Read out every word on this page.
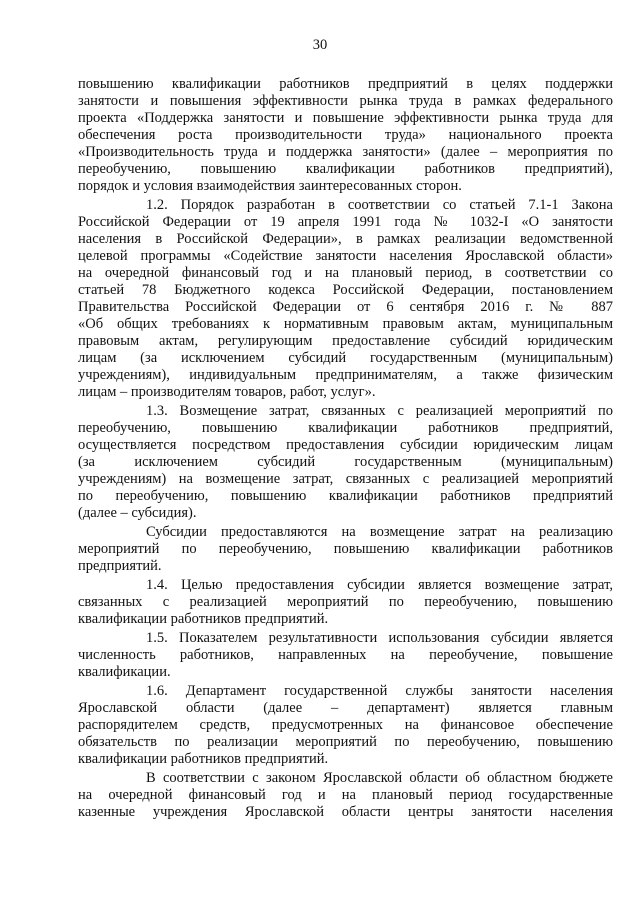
30
повышению квалификации работников предприятий в целях поддержки
занятости и повышения эффективности рынка труда в рамках федерального
проекта «Поддержка занятости и повышение эффективности рынка труда для
обеспечения роста производительности труда» национального проекта
«Производительность труда и поддержка занятости» (далее – мероприятия по
переобучению, повышению квалификации работников предприятий),
порядок и условия взаимодействия заинтересованных сторон.
1.2. Порядок разработан в соответствии со статьей 7.1-1 Закона
Российской Федерации от 19 апреля 1991 года № 1032-I «О занятости
населения в Российской Федерации», в рамках реализации ведомственной
целевой программы «Содействие занятости населения Ярославской области»
на очередной финансовый год и на плановый период, в соответствии со
статьей 78 Бюджетного кодекса Российской Федерации, постановлением
Правительства Российской Федерации от 6 сентября 2016 г. № 887
«Об общих требованиях к нормативным правовым актам, муниципальным
правовым актам, регулирующим предоставление субсидий юридическим
лицам (за исключением субсидий государственным (муниципальным)
учреждениям), индивидуальным предпринимателям, а также физическим
лицам – производителям товаров, работ, услуг».
1.3. Возмещение затрат, связанных с реализацией мероприятий по
переобучению, повышению квалификации работников предприятий,
осуществляется посредством предоставления субсидии юридическим лицам
(за исключением субсидий государственным (муниципальным)
учреждениям) на возмещение затрат, связанных с реализацией мероприятий
по переобучению, повышению квалификации работников предприятий
(далее – субсидия).
Субсидии предоставляются на возмещение затрат на реализацию
мероприятий по переобучению, повышению квалификации работников
предприятий.
1.4. Целью предоставления субсидии является возмещение затрат,
связанных с реализацией мероприятий по переобучению, повышению
квалификации работников предприятий.
1.5. Показателем результативности использования субсидии является
численность работников, направленных на переобучение, повышение
квалификации.
1.6. Департамент государственной службы занятости населения
Ярославской области (далее – департамент) является главным
распорядителем средств, предусмотренных на финансовое обеспечение
обязательств по реализации мероприятий по переобучению, повышению
квалификации работников предприятий.
В соответствии с законом Ярославской области об областном бюджете
на очередной финансовый год и на плановый период государственные
казенные учреждения Ярославской области центры занятости населения
